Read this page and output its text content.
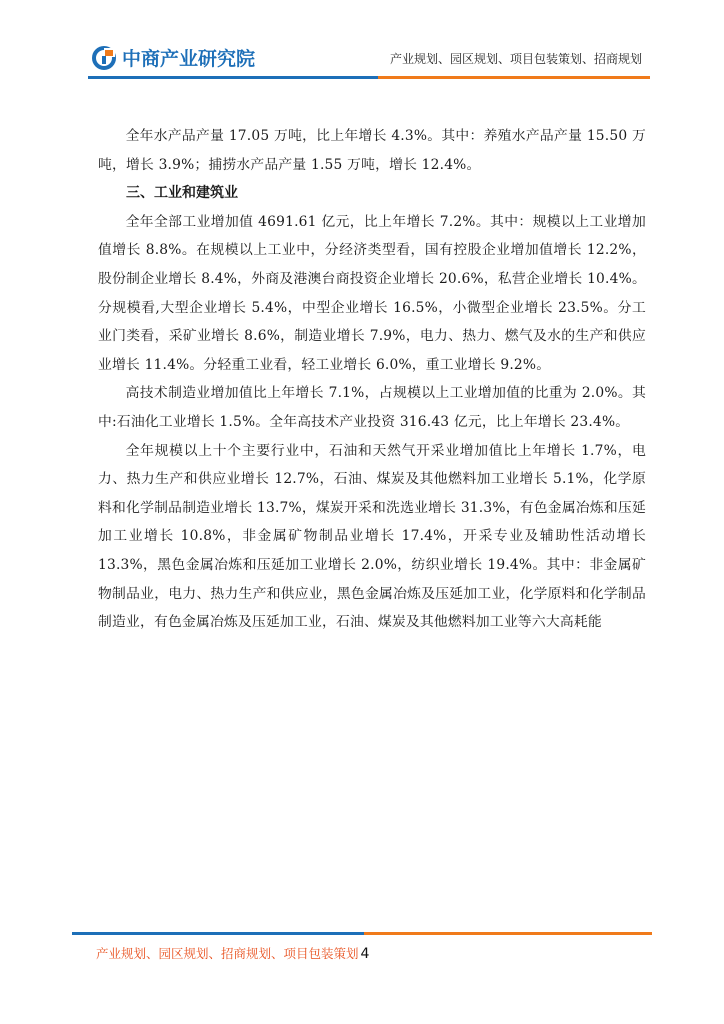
中商产业研究院	产业规划、园区规划、项目包装策划、招商规划

全年水产品产量 17.05 万吨，比上年增长 4.3%。其中：养殖水产品产量 15.50 万吨，增长 3.9%；捕捞水产品产量 1.55 万吨，增长 12.4%。

三、工业和建筑业

全年全部工业增加值 4691.61 亿元，比上年增长 7.2%。其中：规模以上工业增加值增长 8.8%。在规模以上工业中，分经济类型看，国有控股企业增加值增长 12.2%，股份制企业增长 8.4%，外商及港澳台商投资企业增长 20.6%，私营企业增长 10.4%。分规模看,大型企业增长 5.4%，中型企业增长 16.5%，小微型企业增长 23.5%。分工业门类看，采矿业增长 8.6%，制造业增长 7.9%，电力、热力、燃气及水的生产和供应业增长 11.4%。分轻重工业看，轻工业增长 6.0%，重工业增长 9.2%。

高技术制造业增加值比上年增长 7.1%，占规模以上工业增加值的比重为 2.0%。其中:石油化工业增长 1.5%。全年高技术产业投资 316.43 亿元，比上年增长 23.4%。

全年规模以上十个主要行业中，石油和天然气开采业增加值比上年增长 1.7%，电力、热力生产和供应业增长 12.7%，石油、煤炭及其他燃料加工业增长 5.1%，化学原料和化学制品制造业增长 13.7%，煤炭开采和洗选业增长 31.3%，有色金属冶炼和压延加工业增长 10.8%，非金属矿物制品业增长 17.4%，开采专业及辅助性活动增长 13.3%，黑色金属冶炼和压延加工业增长 2.0%，纺织业增长 19.4%。其中：非金属矿物制品业，电力、热力生产和供应业，黑色金属冶炼及压延加工业，化学原料和化学制品制造业，有色金属冶炼及压延加工业，石油、煤炭及其他燃料加工业等六大高耗能

产业规划、园区规划、招商规划、项目包装策划 4
